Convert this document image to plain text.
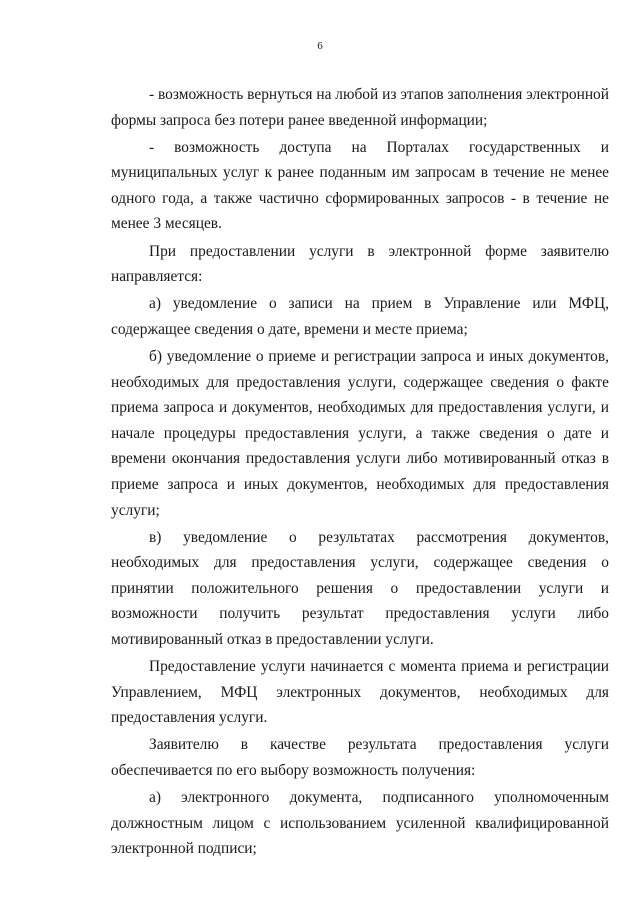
6

- возможность вернуться на любой из этапов заполнения электронной формы запроса без потери ранее введенной информации;

- возможность доступа на Порталах государственных и муниципальных услуг к ранее поданным им запросам в течение не менее одного года, а также частично сформированных запросов - в течение не менее 3 месяцев.

При предоставлении услуги в электронной форме заявителю направляется:

а) уведомление о записи на прием в Управление или МФЦ, содержащее сведения о дате, времени и месте приема;

б) уведомление о приеме и регистрации запроса и иных документов, необходимых для предоставления услуги, содержащее сведения о факте приема запроса и документов, необходимых для предоставления услуги, и начале процедуры предоставления услуги, а также сведения о дате и времени окончания предоставления услуги либо мотивированный отказ в приеме запроса и иных документов, необходимых для предоставления услуги;

в) уведомление о результатах рассмотрения документов, необходимых для предоставления услуги, содержащее сведения о принятии положительного решения о предоставлении услуги и возможности получить результат предоставления услуги либо мотивированный отказ в предоставлении услуги.

Предоставление услуги начинается с момента приема и регистрации Управлением, МФЦ электронных документов, необходимых для предоставления услуги.

Заявителю в качестве результата предоставления услуги обеспечивается по его выбору возможность получения:

а) электронного документа, подписанного уполномоченным должностным лицом с использованием усиленной квалифицированной электронной подписи;
